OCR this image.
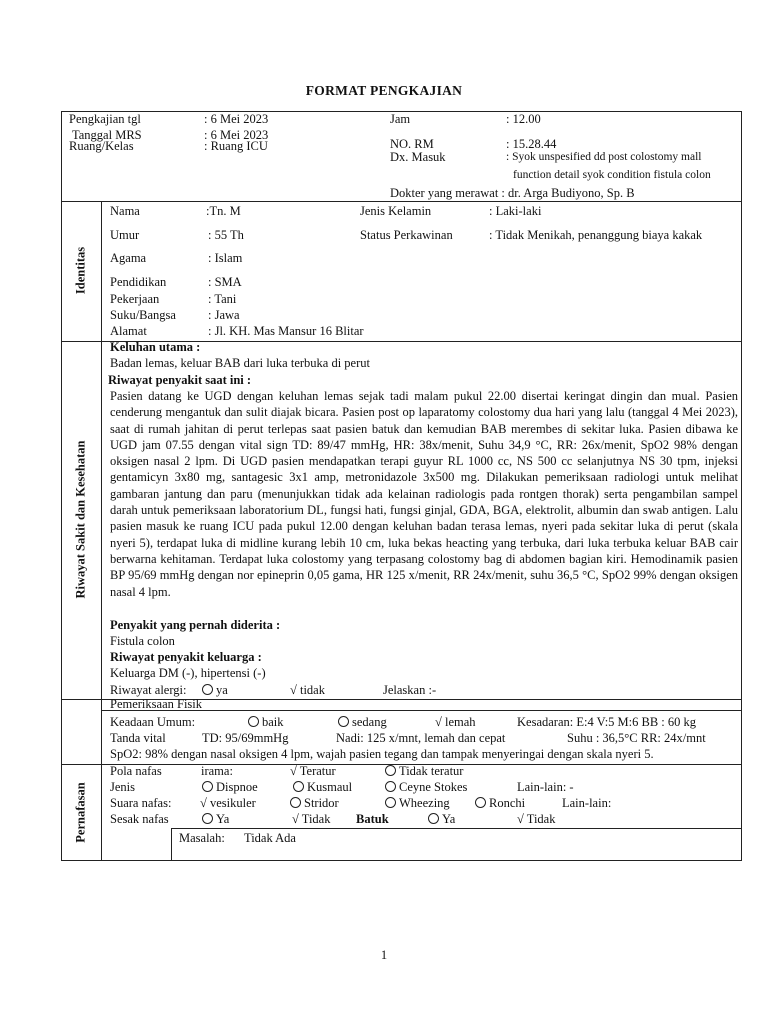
FORMAT PENGKAJIAN
Pengkajian tgl	: 6 Mei 2023
Tanggal MRS	: 6 Mei 2023
Ruang/Kelas	: Ruang ICU
Jam	: 12.00
NO. RM	: 15.28.44
Dx. Masuk	: Syok unspesified dd post colostomy mall
function detail syok condition fistula colon
Dokter yang merawat : dr. Arga Budiyono, Sp. B
Identitas
Nama	:Tn. M	Jenis Kelamin	: Laki-laki
Umur	: 55 Th	Status Perkawinan	: Tidak Menikah, penanggung biaya kakak
Agama	: Islam
Pendidikan	: SMA
Pekerjaan	: Tani
Suku/Bangsa	: Jawa
Alamat	: Jl. KH. Mas Mansur 16 Blitar
Riwayat Sakit dan Kesehatan
Keluhan utama :
Badan lemas, keluar BAB dari luka terbuka di perut
Riwayat penyakit saat ini :
Pasien datang ke UGD dengan keluhan lemas sejak tadi malam pukul 22.00 disertai keringat dingin dan mual. Pasien cenderung mengantuk dan sulit diajak bicara. Pasien post op laparatomy colostomy dua hari yang lalu (tanggal 4 Mei 2023), saat di rumah jahitan di perut terlepas saat pasien batuk dan kemudian BAB merembes di sekitar luka. Pasien dibawa ke UGD jam 07.55 dengan vital sign TD: 89/47 mmHg, HR: 38x/menit, Suhu 34,9 °C, RR: 26x/menit, SpO2 98% dengan oksigen nasal 2 lpm. Di UGD pasien mendapatkan terapi guyur RL 1000 cc, NS 500 cc selanjutnya NS 30 tpm, injeksi gentamicyn 3x80 mg, santagesic 3x1 amp, metronidazole 3x500 mg. Dilakukan pemeriksaan radiologi untuk melihat gambaran jantung dan paru (menunjukkan tidak ada kelainan radiologis pada rontgen thorak) serta pengambilan sampel darah untuk pemeriksaan laboratorium DL, fungsi hati, fungsi ginjal, GDA, BGA, elektrolit, albumin dan swab antigen. Lalu pasien masuk ke ruang ICU pada pukul 12.00 dengan keluhan badan terasa lemas, nyeri pada sekitar luka di perut (skala nyeri 5), terdapat luka di midline kurang lebih 10 cm, luka bekas heacting yang terbuka, dari luka terbuka keluar BAB cair berwarna kehitaman. Terdapat luka colostomy yang terpasang colostomy bag di abdomen bagian kiri. Hemodinamik pasien BP 95/69 mmHg dengan nor epineprin 0,05 gama, HR 125 x/menit, RR 24x/menit, suhu 36,5 °C, SpO2 99% dengan oksigen nasal 4 lpm.
Penyakit yang pernah diderita :
Fistula colon
Riwayat penyakit keluarga :
Keluarga DM (-), hipertensi (-)
Riwayat alergi:	ya	√ tidak	Jelaskan :-
Pemeriksaan Fisik
Keadaan Umum:	baik	sedang	√ lemah	Kesadaran: E:4 V:5 M:6 BB : 60 kg
Tanda vital	TD: 95/69mmHg	Nadi: 125 x/mnt, lemah dan cepat	Suhu : 36,5°C RR: 24x/mnt
SpO2: 98% dengan nasal oksigen 4 lpm, wajah pasien tegang dan tampak menyeringai dengan skala nyeri 5.
Pernafasan
Pola nafas	irama:	√ Teratur	Tidak teratur
Jenis	Dispnoe	Kusmaul	Ceyne Stokes	Lain-lain: -
Suara nafas: √ vesikuler	Stridor	Wheezing	Ronchi	Lain-lain:
Sesak nafas	Ya	√ Tidak Batuk	Ya	√ Tidak
Masalah: Tidak Ada
1
